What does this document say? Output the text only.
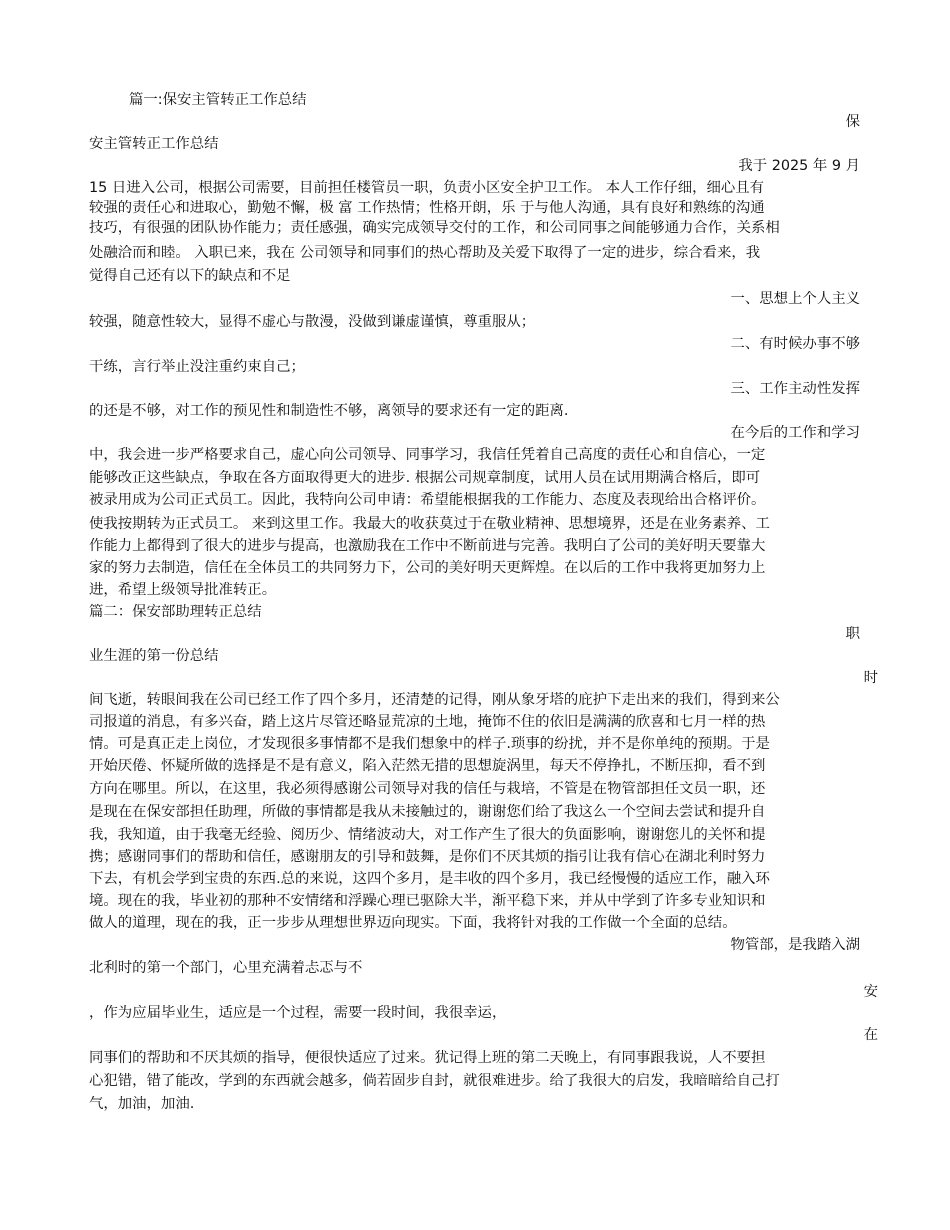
篇一:保安主管转正工作总结
保
安主管转正工作总结
我于 2025 年 9 月
15 日进入公司，根据公司需要，目前担任楼管员一职，负责小区安全护卫工作。 本人工作仔细，细心且有
较强的责任心和进取心，勤勉不懈，极 富 工作热情；性格开朗，乐 于与他人沟通，具有良好和熟练的沟通
技巧，有很强的团队协作能力；责任感强，确实完成领导交付的工作，和公司同事之间能够通力合作，关系相
处融洽而和睦。 入职已来，我在 公司领导和同事们的热心帮助及关爱下取得了一定的进步，综合看来，我
觉得自己还有以下的缺点和不足
一、思想上个人主义
较强，随意性较大，显得不虚心与散漫，没做到谦虚谨慎，尊重服从；
二、有时候办事不够
干练，言行举止没注重约束自己；
三、工作主动性发挥
的还是不够，对工作的预见性和制造性不够，离领导的要求还有一定的距离.
在今后的工作和学习
中，我会进一步严格要求自己，虚心向公司领导、同事学习，我信任凭着自己高度的责任心和自信心，一定
能够改正这些缺点，争取在各方面取得更大的进步. 根据公司规章制度，试用人员在试用期满合格后，即可
被录用成为公司正式员工。因此，我特向公司申请：希望能根据我的工作能力、态度及表现给出合格评价。
使我按期转为正式员工。 来到这里工作。我最大的收获莫过于在敬业精神、思想境界，还是在业务素养、工
作能力上都得到了很大的进步与提高，也激励我在工作中不断前进与完善。我明白了公司的美好明天要靠大
家的努力去制造，信任在全体员工的共同努力下，公司的美好明天更辉煌。在以后的工作中我将更加努力上
进，希望上级领导批准转正。
篇二：保安部助理转正总结
职
业生涯的第一份总结
时
间飞逝，转眼间我在公司已经工作了四个多月，还清楚的记得，刚从象牙塔的庇护下走出来的我们，得到来公
司报道的消息，有多兴奋，踏上这片尽管还略显荒凉的土地，掩饰不住的依旧是满满的欣喜和七月一样的热
情。可是真正走上岗位，才发现很多事情都不是我们想象中的样子.琐事的纷扰，并不是你单纯的预期。于是
开始厌倦、怀疑所做的选择是不是有意义，陷入茫然无措的思想旋涡里，每天不停挣扎，不断压抑，看不到
方向在哪里。所以，在这里，我必须得感谢公司领导对我的信任与栽培，不管是在物管部担任文员一职，还
是现在在保安部担任助理，所做的事情都是我从未接触过的，谢谢您们给了我这么一个空间去尝试和提升自
我，我知道，由于我毫无经验、阅历少、情绪波动大，对工作产生了很大的负面影响，谢谢您儿的关怀和提
携；感谢同事们的帮助和信任，感谢朋友的引导和鼓舞，是你们不厌其烦的指引让我有信心在湖北利时努力
下去，有机会学到宝贵的东西.总的来说，这四个多月，是丰收的四个多月，我已经慢慢的适应工作，融入环
境。现在的我，毕业初的那种不安情绪和浮躁心理已驱除大半，渐平稳下来，并从中学到了许多专业知识和
做人的道理，现在的我，正一步步从理想世界迈向现实。下面，我将针对我的工作做一个全面的总结。
物管部，是我踏入湖
北利时的第一个部门，心里充满着忐忑与不
安
，作为应届毕业生，适应是一个过程，需要一段时间，我很幸运，
在
同事们的帮助和不厌其烦的指导，便很快适应了过来。犹记得上班的第二天晚上，有同事跟我说，人不要担
心犯错，错了能改，学到的东西就会越多，倘若固步自封，就很难进步。给了我很大的启发，我暗暗给自己打
气，加油，加油.
